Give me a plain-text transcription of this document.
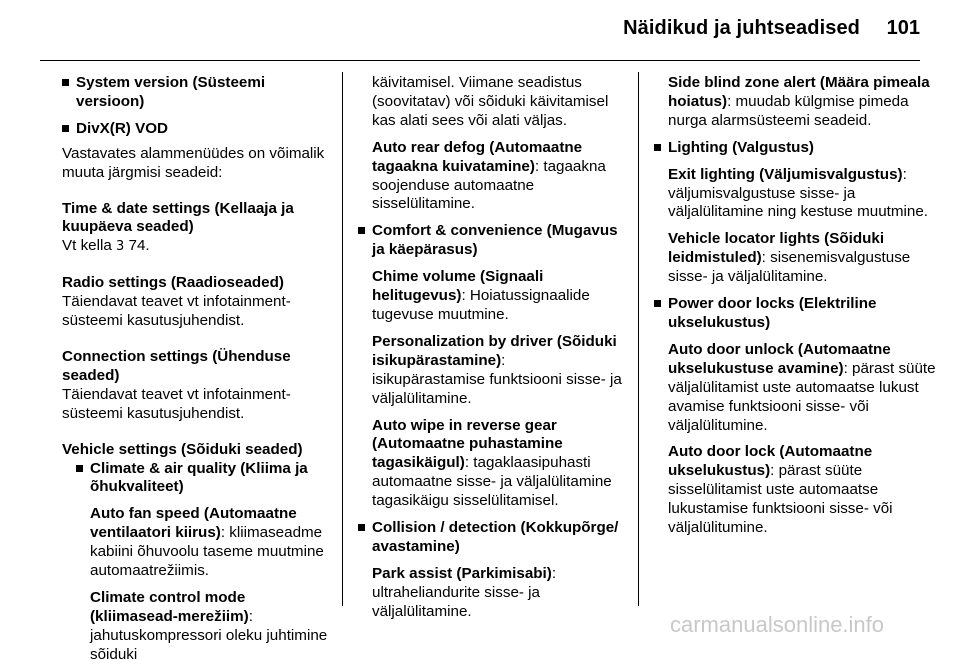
Näidikud ja juhtseadised 101

System version (Süsteemi versioon)

DivX(R) VOD

Vastavates alammenüüdes on võimalik muuta järgmisi seadeid:

Time & date settings (Kellaaja ja kuupäeva seaded)

Vt kella 3 74.

Radio settings (Raadioseaded)

Täiendavat teavet vt infotainment-süsteemi kasutusjuhendist.

Connection settings (Ühenduse seaded)

Täiendavat teavet vt infotainment-süsteemi kasutusjuhendist.

Vehicle settings (Sõiduki seaded)

Climate & air quality (Kliima ja õhukvaliteet)

Auto fan speed (Automaatne ventilaatori kiirus): kliimaseadme kabiini õhuvoolu taseme muutmine automaatrežiimis.

Climate control mode (kliimasead-merežiim): jahutuskompressori oleku juhtimine sõiduki

käivitamisel. Viimane seadistus (soovitatav) või sõiduki käivitamisel kas alati sees või alati väljas.

Auto rear defog (Automaatne tagaakna kuivatamine): tagaakna soojenduse automaatne sisselülitamine.

Comfort & convenience (Mugavus ja käepärasus)

Chime volume (Signaali helitugevus): Hoiatussignaalide tugevuse muutmine.

Personalization by driver (Sõiduki isikupärastamine):
isikupärastamise funktsiooni sisse- ja väljalülitamine.

Auto wipe in reverse gear (Automaatne puhastamine tagasikäigul): tagaklaasipuhasti automaatne sisse- ja väljalülitamine tagasikäigu sisselülitamisel.

Collision / detection (Kokkupõrge/ avastamine)

Park assist (Parkimisabi):
ultraheliandurite sisse- ja väljalülitamine.

Side blind zone alert (Määra pimeala hoiatus): muudab külgmise pimeda nurga alarmsüsteemi seadeid.

Lighting (Valgustus)

Exit lighting (Väljumisvalgustus): väljumisvalgustuse sisse- ja väljalülitamine ning kestuse muutmine.

Vehicle locator lights (Sõiduki leidmistuled): sisenemisvalgustuse sisse- ja väljalülitamine.

Power door locks (Elektriline ukselukustus)

Auto door unlock (Automaatne ukselukustuse avamine): pärast süüte väljalülitamist uste automaatse lukust avamise funktsiooni sisse- või väljalülitumine.

Auto door lock (Automaatne ukselukustus): pärast süüte sisselülitamist uste automaatse lukustamise funktsiooni sisse- või väljalülitumine.

carmanualsonline.info
